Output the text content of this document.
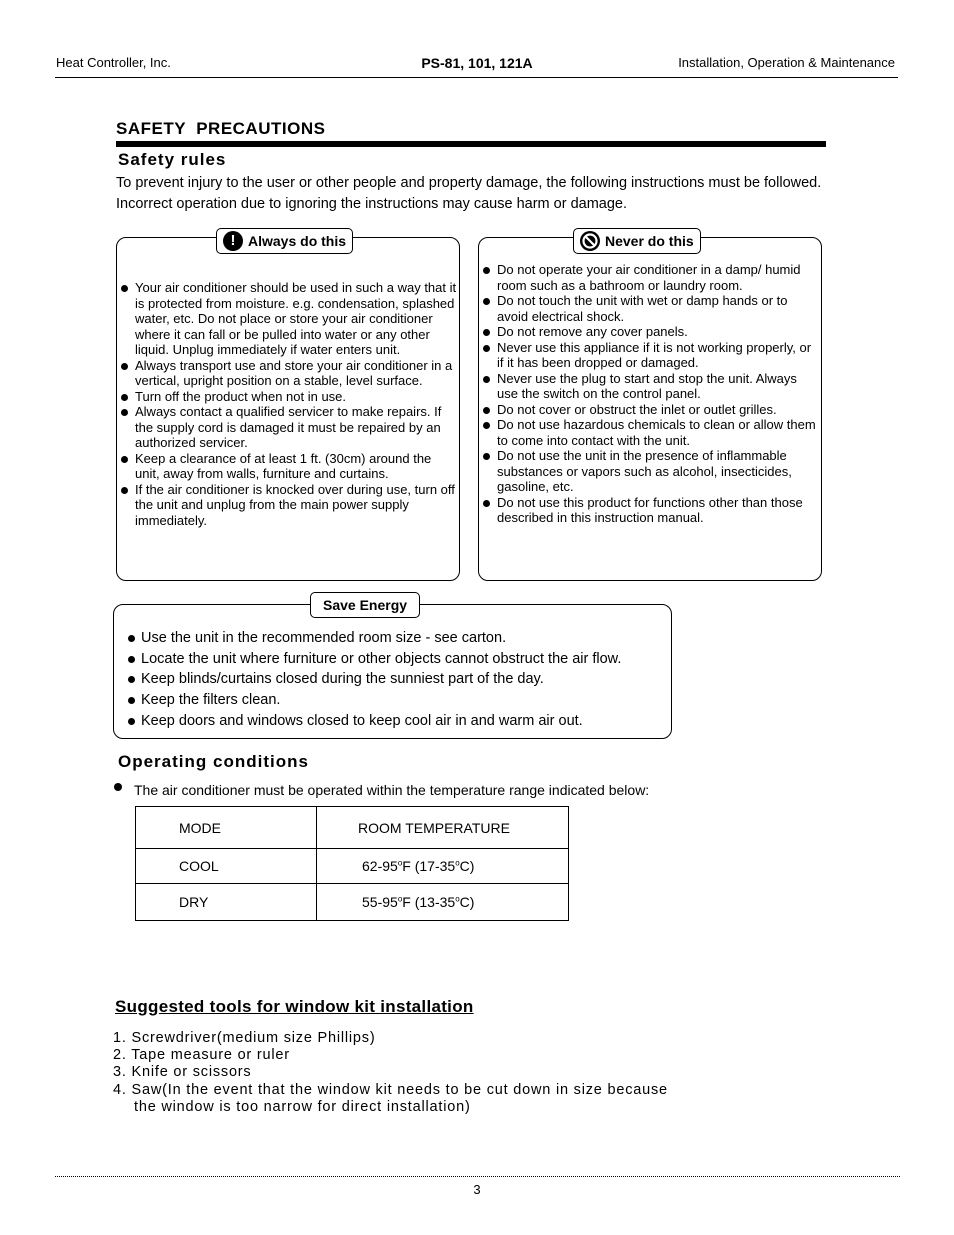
Heat Controller, Inc.	PS-81, 101, 121A	Installation, Operation & Maintenance
SAFETY  PRECAUTIONS
Safety rules
To prevent injury to the user or other people and property damage, the following instructions must be followed. Incorrect operation due to ignoring the instructions may cause harm or damage.
! Always do this
Your air conditioner should be used in such a way that it is protected from moisture. e.g. condensation, splashed water, etc. Do not place or store your air conditioner where it can fall or be pulled into water or any other liquid. Unplug immediately if water enters unit.
Always transport use and store your air conditioner in a vertical, upright position on a stable, level surface.
Turn off the product when not in use.
Always contact a qualified servicer to make repairs. If the supply cord is damaged it must be repaired by an authorized servicer.
Keep a clearance of at least 1 ft. (30cm) around the unit, away from walls, furniture and curtains.
If the air conditioner is knocked over during use, turn off the unit and unplug from the main power supply immediately.
Never do this
Do not operate your air conditioner in a damp/ humid room such as a bathroom or laundry room.
Do not touch the unit with wet or damp hands or to avoid electrical shock.
Do not remove any cover panels.
Never use this appliance if it is not working properly, or if it has been dropped or damaged.
Never use the plug to start and stop the unit. Always use the switch on the control panel.
Do not cover or obstruct the inlet or outlet grilles.
Do not use hazardous chemicals to clean or allow them to come into contact with the unit.
Do not use the unit in the presence of inflammable substances or vapors such as alcohol, insecticides, gasoline, etc.
Do not use this product for functions other than those described in this instruction manual.
Save Energy
Use the unit in the recommended room size - see carton.
Locate the unit where furniture or other objects cannot obstruct the air flow.
Keep blinds/curtains closed during the sunniest part of the day.
Keep the filters clean.
Keep doors and windows closed to keep cool air in and warm air out.
Operating conditions
The air conditioner must be operated within the temperature range indicated below:
MODE	ROOM TEMPERATURE
COOL	62-95$^o$F (17-35$^o$C)
DRY	55-95$^o$F (13-35$^o$C)
Suggested tools for window kit installation
1. Screwdriver(medium size Phillips)
2. Tape measure or ruler
3. Knife or scissors
4. Saw(In the event that the window kit needs to be cut down in size because
the window is too narrow for direct installation)
3
